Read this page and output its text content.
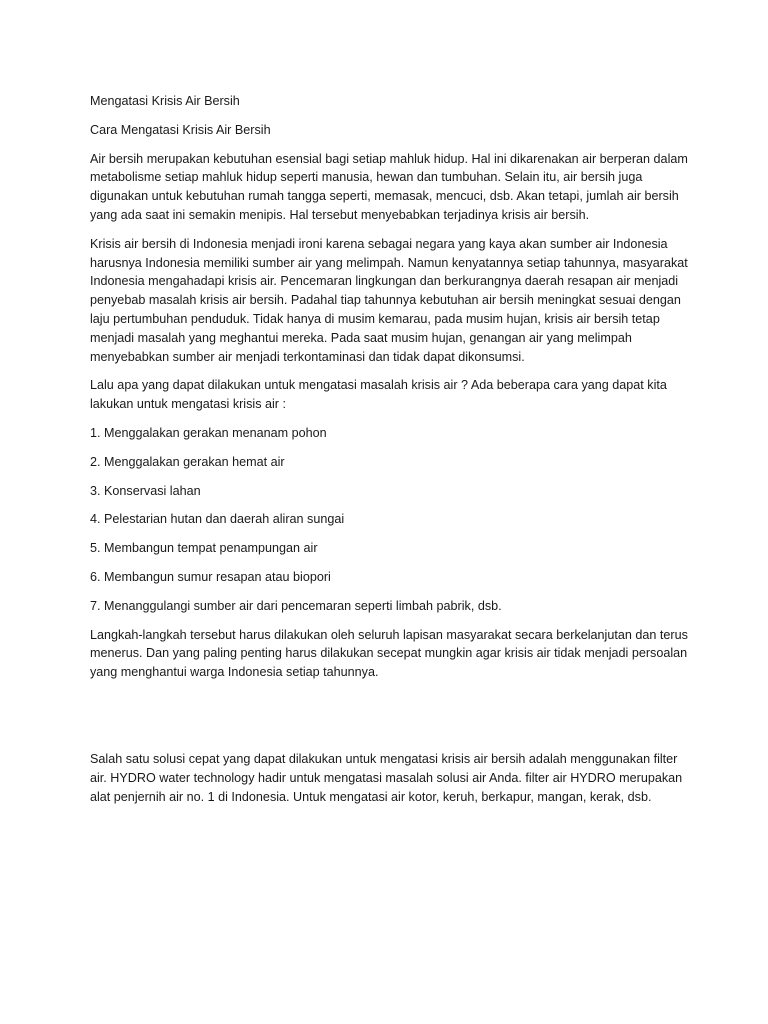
Mengatasi Krisis Air Bersih

Cara Mengatasi Krisis Air Bersih

Air bersih merupakan kebutuhan esensial bagi setiap mahluk hidup. Hal ini dikarenakan air berperan dalam metabolisme setiap mahluk hidup seperti manusia, hewan dan tumbuhan. Selain itu, air bersih juga digunakan untuk kebutuhan rumah tangga seperti, memasak, mencuci, dsb. Akan tetapi, jumlah air bersih yang ada saat ini semakin menipis. Hal tersebut menyebabkan terjadinya krisis air bersih.

Krisis air bersih di Indonesia menjadi ironi karena sebagai negara yang kaya akan sumber air Indonesia harusnya Indonesia memiliki sumber air yang melimpah. Namun kenyatannya setiap tahunnya, masyarakat Indonesia mengahadapi krisis air. Pencemaran lingkungan dan berkurangnya daerah resapan air menjadi penyebab masalah krisis air bersih. Padahal tiap tahunnya kebutuhan air bersih meningkat sesuai dengan laju pertumbuhan penduduk. Tidak hanya di musim kemarau, pada musim hujan, krisis air bersih tetap menjadi masalah yang meghantui mereka. Pada saat musim hujan, genangan air yang melimpah menyebabkan sumber air menjadi terkontaminasi dan tidak dapat dikonsumsi.

Lalu apa yang dapat dilakukan untuk mengatasi masalah krisis air ? Ada beberapa cara yang dapat kita lakukan untuk mengatasi krisis air :

1. Menggalakan gerakan menanam pohon

2. Menggalakan gerakan hemat air

3. Konservasi lahan

4. Pelestarian hutan dan daerah aliran sungai

5. Membangun tempat penampungan air

6. Membangun sumur resapan atau biopori

7. Menanggulangi sumber air dari pencemaran seperti limbah pabrik, dsb.

Langkah-langkah tersebut harus dilakukan oleh seluruh lapisan masyarakat secara berkelanjutan dan terus menerus. Dan yang paling penting harus dilakukan secepat mungkin agar krisis air tidak menjadi persoalan yang menghantui warga Indonesia setiap tahunnya.

Salah satu solusi cepat yang dapat dilakukan untuk mengatasi krisis air bersih adalah menggunakan filter air. HYDRO water technology hadir untuk mengatasi masalah solusi air Anda. filter air HYDRO merupakan alat penjernih air no. 1 di Indonesia. Untuk mengatasi air kotor, keruh, berkapur, mangan, kerak, dsb.
